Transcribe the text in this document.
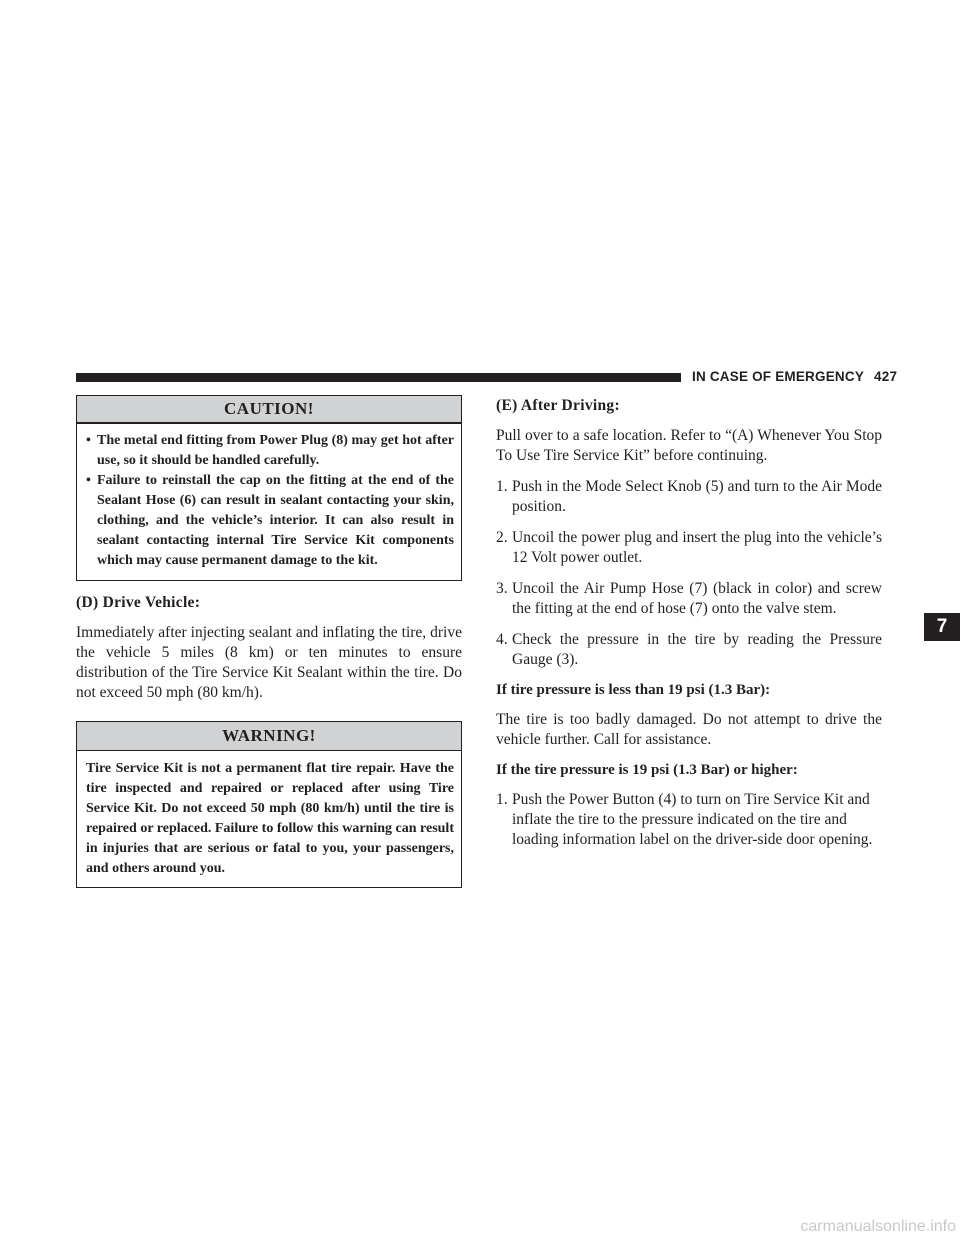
IN CASE OF EMERGENCY 427
CAUTION!
• The metal end fitting from Power Plug (8) may get hot after use, so it should be handled carefully.
• Failure to reinstall the cap on the fitting at the end of the Sealant Hose (6) can result in sealant contacting your skin, clothing, and the vehicle’s interior. It can also result in sealant contacting internal Tire Service Kit components which may cause permanent damage to the kit.
(D) Drive Vehicle:

Immediately after injecting sealant and inflating the tire, drive the vehicle 5 miles (8 km) or ten minutes to ensure distribution of the Tire Service Kit Sealant within the tire. Do not exceed 50 mph (80 km/h).

WARNING!
Tire Service Kit is not a permanent flat tire repair. Have the tire inspected and repaired or replaced after using Tire Service Kit. Do not exceed 50 mph (80 km/h) until the tire is repaired or replaced. Failure to follow this warning can result in injuries that are serious or fatal to you, your passengers, and others around you.
(E) After Driving:

Pull over to a safe location. Refer to “(A) Whenever You Stop To Use Tire Service Kit” before continuing.

1. Push in the Mode Select Knob (5) and turn to the Air Mode position.
2. Uncoil the power plug and insert the plug into the vehicle’s 12 Volt power outlet.
3. Uncoil the Air Pump Hose (7) (black in color) and screw the fitting at the end of hose (7) onto the valve stem.
4. Check the pressure in the tire by reading the Pressure Gauge (3).

If tire pressure is less than 19 psi (1.3 Bar):

The tire is too badly damaged. Do not attempt to drive the vehicle further. Call for assistance.

If the tire pressure is 19 psi (1.3 Bar) or higher:

1. Push the Power Button (4) to turn on Tire Service Kit and inflate the tire to the pressure indicated on the tire and loading information label on the driver-side door opening.
7
carmanualsonline.info
